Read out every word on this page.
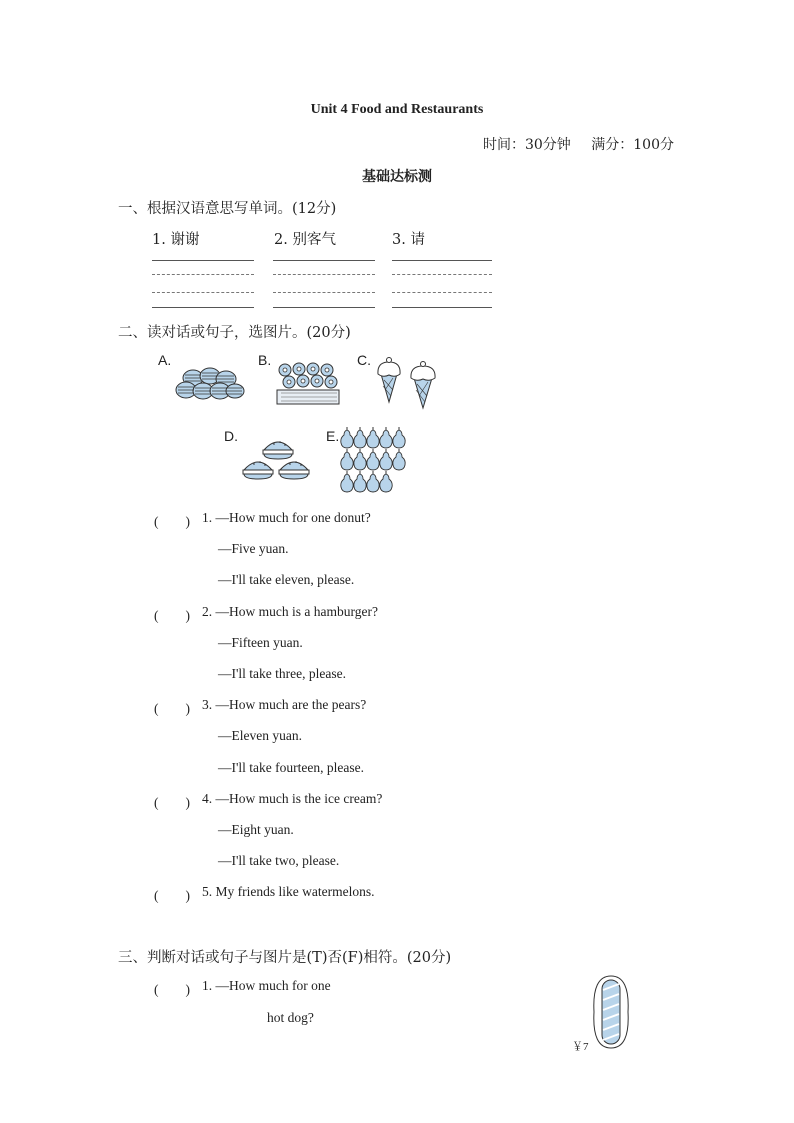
Unit 4 Food and Restaurants
时间：30分钟 满分：100分
基础达标测
一、根据汉语意思写单词。(12分)
1. 谢谢	2. 别客气	3. 请
二、读对话或句子，选图片。(20分)
A.	B.	C.
D.	E.
(　　) 1. —How much for one donut?
—Five yuan.
—I'll take eleven, please.
(　　) 2. —How much is a hamburger?
—Fifteen yuan.
—I'll take three, please.
(　　) 3. —How much are the pears?
—Eleven yuan.
—I'll take fourteen, please.
(　　) 4. —How much is the ice cream?
—Eight yuan.
—I'll take two, please.
(　　) 5. My friends like watermelons.
三、判断对话或句子与图片是(T)否(F)相符。(20分)
(　　) 1. —How much for one
hot dog?
￥7
